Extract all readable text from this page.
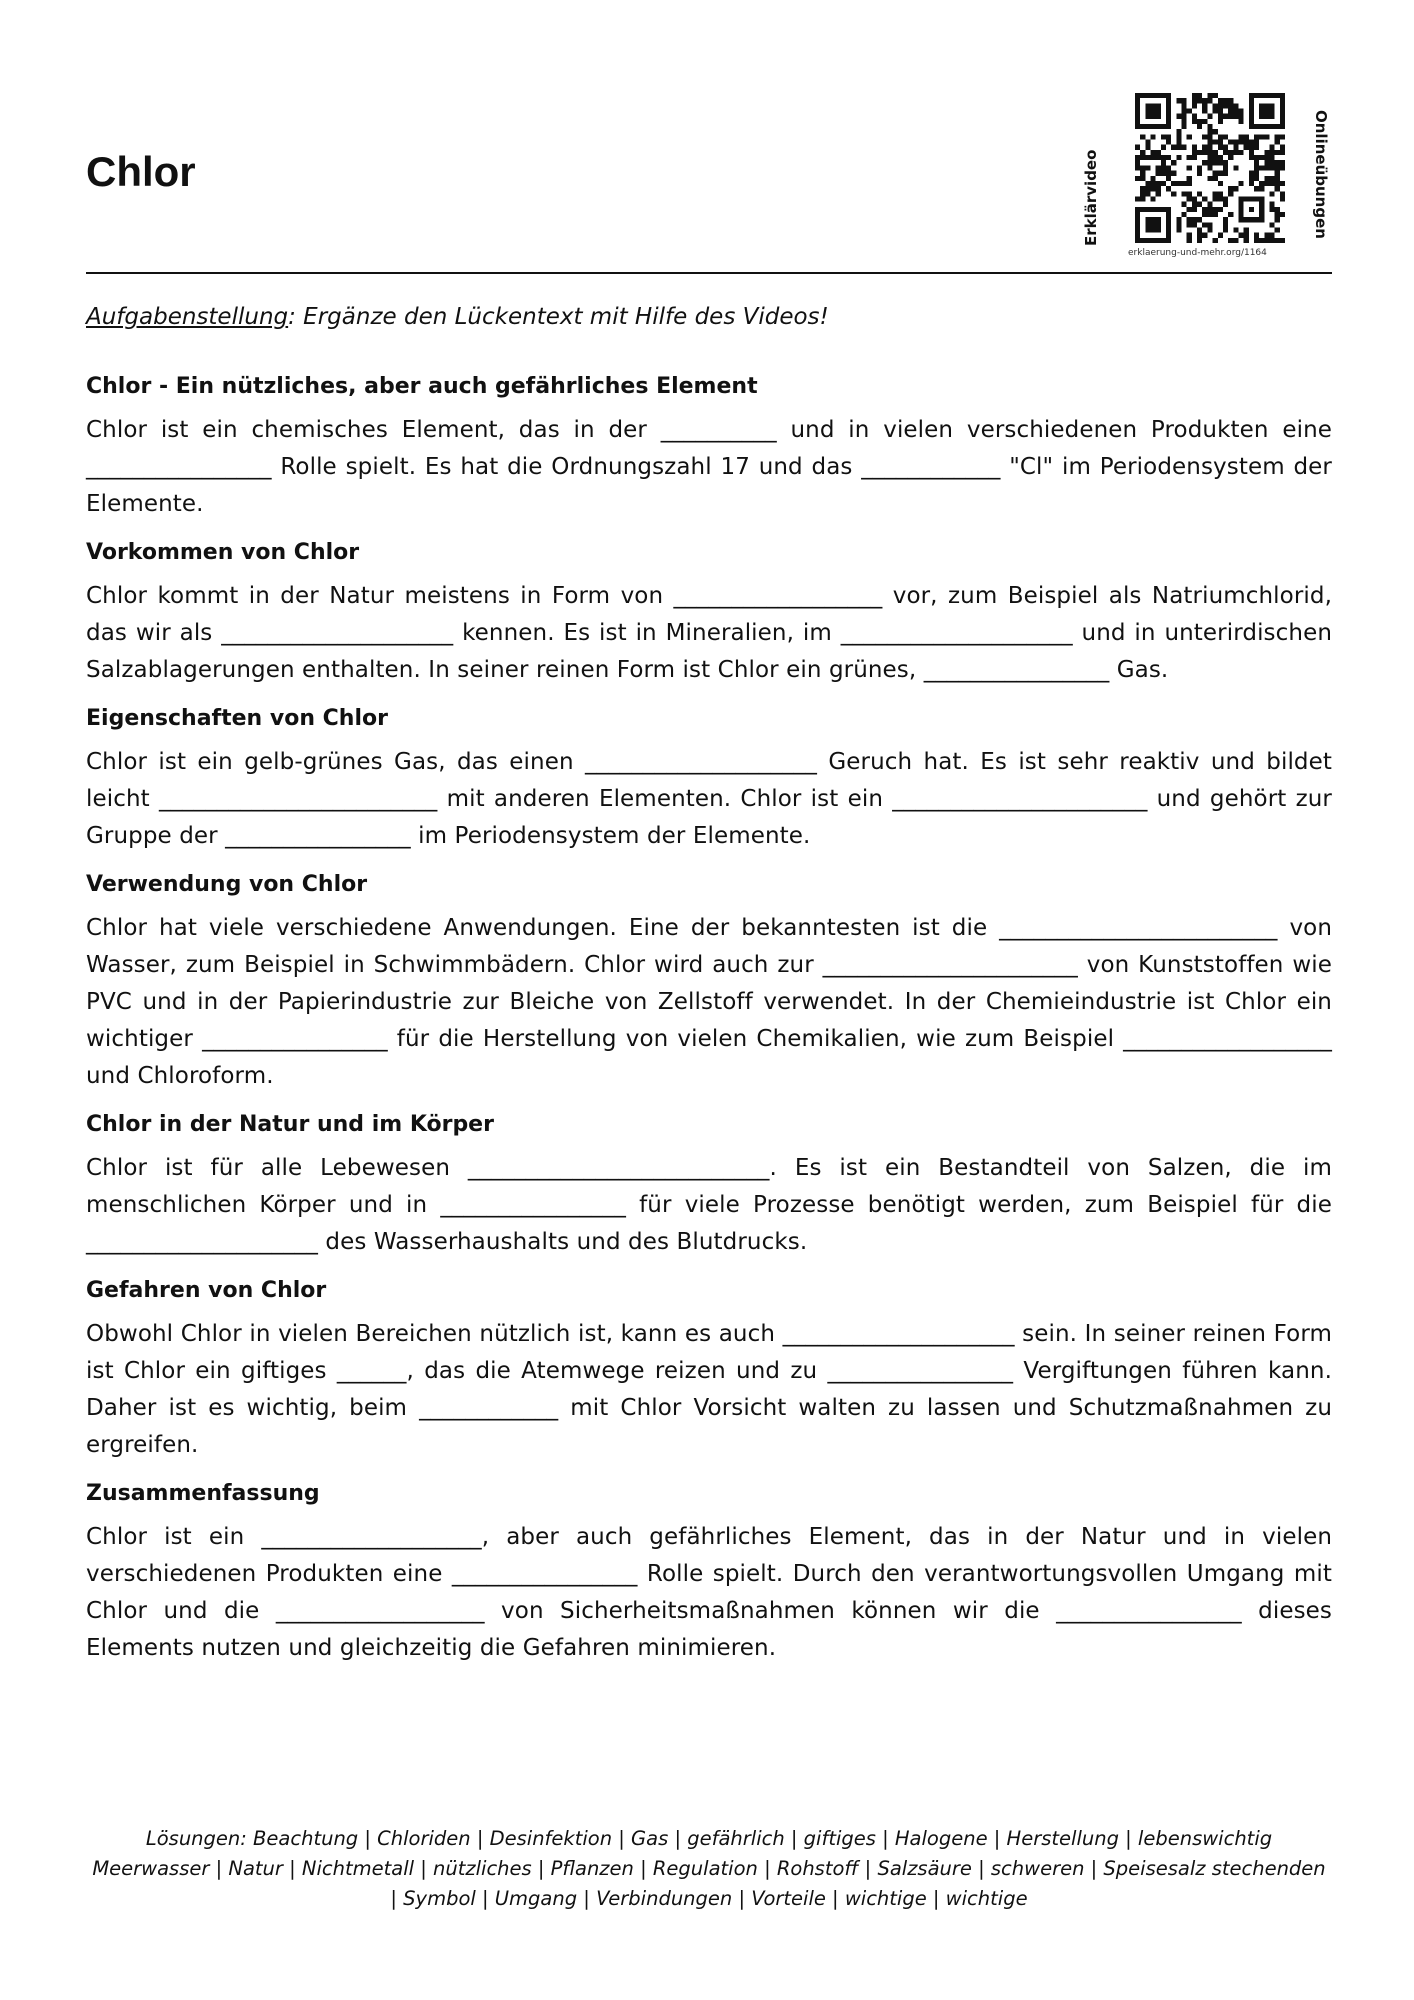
Chlor	Erklärvideo
erklaerung-und-mehr.org/1164
Onlineübungen

Aufgabenstellung: Ergänze den Lückentext mit Hilfe des Videos!

Chlor - Ein nützliches, aber auch gefährliches Element

Chlor ist ein chemisches Element, das in der __________ und in vielen verschiedenen Produkten eine ________________ Rolle spielt. Es hat die Ordnungszahl 17 und das ____________ "Cl" im Periodensystem der Elemente.

Vorkommen von Chlor

Chlor kommt in der Natur meistens in Form von __________________ vor, zum Beispiel als Natriumchlorid, das wir als ____________________ kennen. Es ist in Mineralien, im ____________________ und in unterirdischen Salzablagerungen enthalten. In seiner reinen Form ist Chlor ein grünes, ________________ Gas.

Eigenschaften von Chlor

Chlor ist ein gelb-grünes Gas, das einen ____________________ Geruch hat. Es ist sehr reaktiv und bildet leicht ________________________ mit anderen Elementen. Chlor ist ein ______________________ und gehört zur Gruppe der ________________ im Periodensystem der Elemente.

Verwendung von Chlor

Chlor hat viele verschiedene Anwendungen. Eine der bekanntesten ist die ________________________ von Wasser, zum Beispiel in Schwimmbädern. Chlor wird auch zur ______________________ von Kunststoffen wie PVC und in der Papierindustrie zur Bleiche von Zellstoff verwendet. In der Chemieindustrie ist Chlor ein wichtiger ________________ für die Herstellung von vielen Chemikalien, wie zum Beispiel __________________ und Chloroform.

Chlor in der Natur und im Körper

Chlor ist für alle Lebewesen __________________________. Es ist ein Bestandteil von Salzen, die im menschlichen Körper und in ________________ für viele Prozesse benötigt werden, zum Beispiel für die ____________________ des Wasserhaushalts und des Blutdrucks.

Gefahren von Chlor

Obwohl Chlor in vielen Bereichen nützlich ist, kann es auch ____________________ sein. In seiner reinen Form ist Chlor ein giftiges ______, das die Atemwege reizen und zu ________________ Vergiftungen führen kann. Daher ist es wichtig, beim ____________ mit Chlor Vorsicht walten zu lassen und Schutzmaßnahmen zu ergreifen.

Zusammenfassung

Chlor ist ein ___________________, aber auch gefährliches Element, das in der Natur und in vielen verschiedenen Produkten eine ________________ Rolle spielt. Durch den verantwortungsvollen Umgang mit Chlor und die __________________ von Sicherheitsmaßnahmen können wir die ________________ dieses Elements nutzen und gleichzeitig die Gefahren minimieren.

Lösungen: Beachtung | Chloriden | Desinfektion | Gas | gefährlich | giftiges | Halogene | Herstellung | lebenswichtig Meerwasser | Natur | Nichtmetall | nützliches | Pflanzen | Regulation | Rohstoff | Salzsäure | schweren | Speisesalz stechenden | Symbol | Umgang | Verbindungen | Vorteile | wichtige | wichtige
